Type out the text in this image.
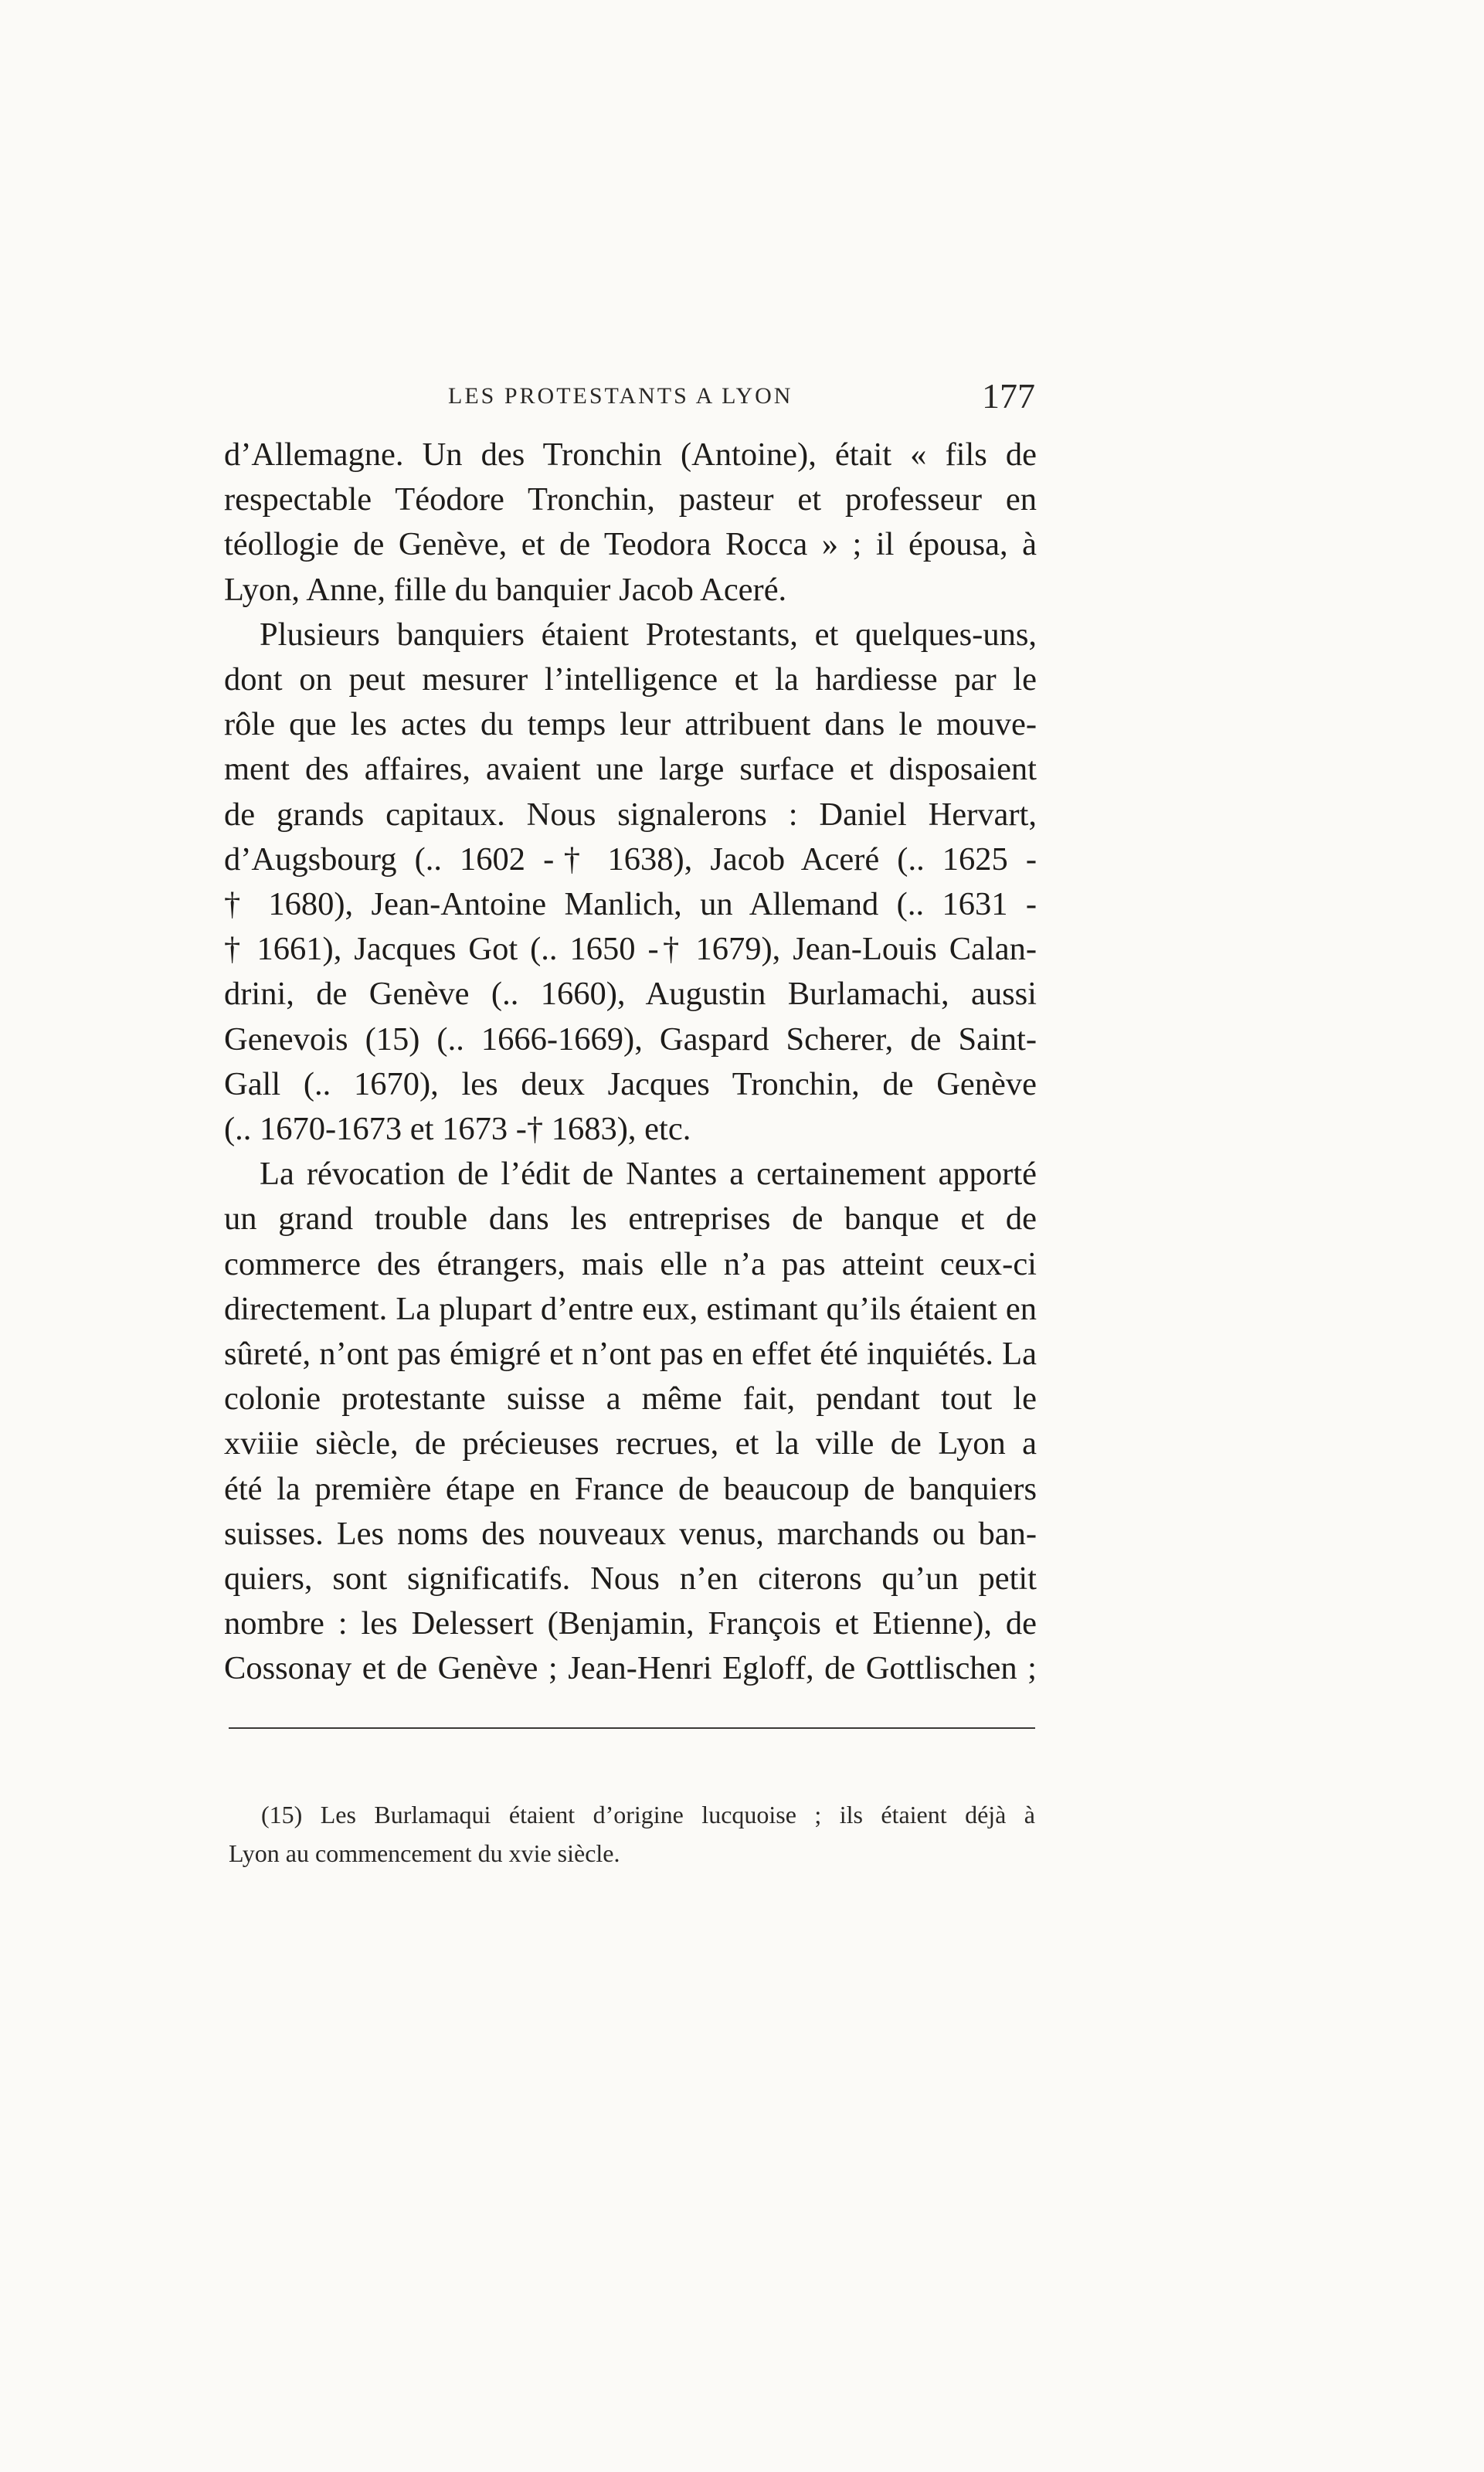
LES PROTESTANTS A LYON	177
d’Allemagne. Un des Tronchin (Antoine), était « fils de
respectable Téodore Tronchin, pasteur et professeur en
téollogie de Genève, et de Teodora Rocca » ; il épousa, à
Lyon, Anne, fille du banquier Jacob Aceré.
Plusieurs banquiers étaient Protestants, et quelques-uns,
dont on peut mesurer l’intelligence et la hardiesse par le
rôle que les actes du temps leur attribuent dans le mouve-
ment des affaires, avaient une large surface et disposaient
de grands capitaux. Nous signalerons : Daniel Hervart,
d’Augsbourg (.. 1602 -† 1638), Jacob Aceré (.. 1625 -
† 1680), Jean-Antoine Manlich, un Allemand (.. 1631 -
† 1661), Jacques Got (.. 1650 -† 1679), Jean-Louis Calan-
drini, de Genève (.. 1660), Augustin Burlamachi, aussi
Genevois (15) (.. 1666-1669), Gaspard Scherer, de Saint-
Gall (.. 1670), les deux Jacques Tronchin, de Genève
(.. 1670-1673 et 1673 -† 1683), etc.
La révocation de l’édit de Nantes a certainement apporté
un grand trouble dans les entreprises de banque et de
commerce des étrangers, mais elle n’a pas atteint ceux-ci
directement. La plupart d’entre eux, estimant qu’ils étaient en
sûreté, n’ont pas émigré et n’ont pas en effet été inquiétés. La
colonie protestante suisse a même fait, pendant tout le
xviiie siècle, de précieuses recrues, et la ville de Lyon a
été la première étape en France de beaucoup de banquiers
suisses. Les noms des nouveaux venus, marchands ou ban-
quiers, sont significatifs. Nous n’en citerons qu’un petit
nombre : les Delessert (Benjamin, François et Etienne), de
Cossonay et de Genève ; Jean-Henri Egloff, de Gottlischen ;
(15) Les Burlamaqui étaient d’origine lucquoise ; ils étaient déjà à
Lyon au commencement du xvie siècle.
